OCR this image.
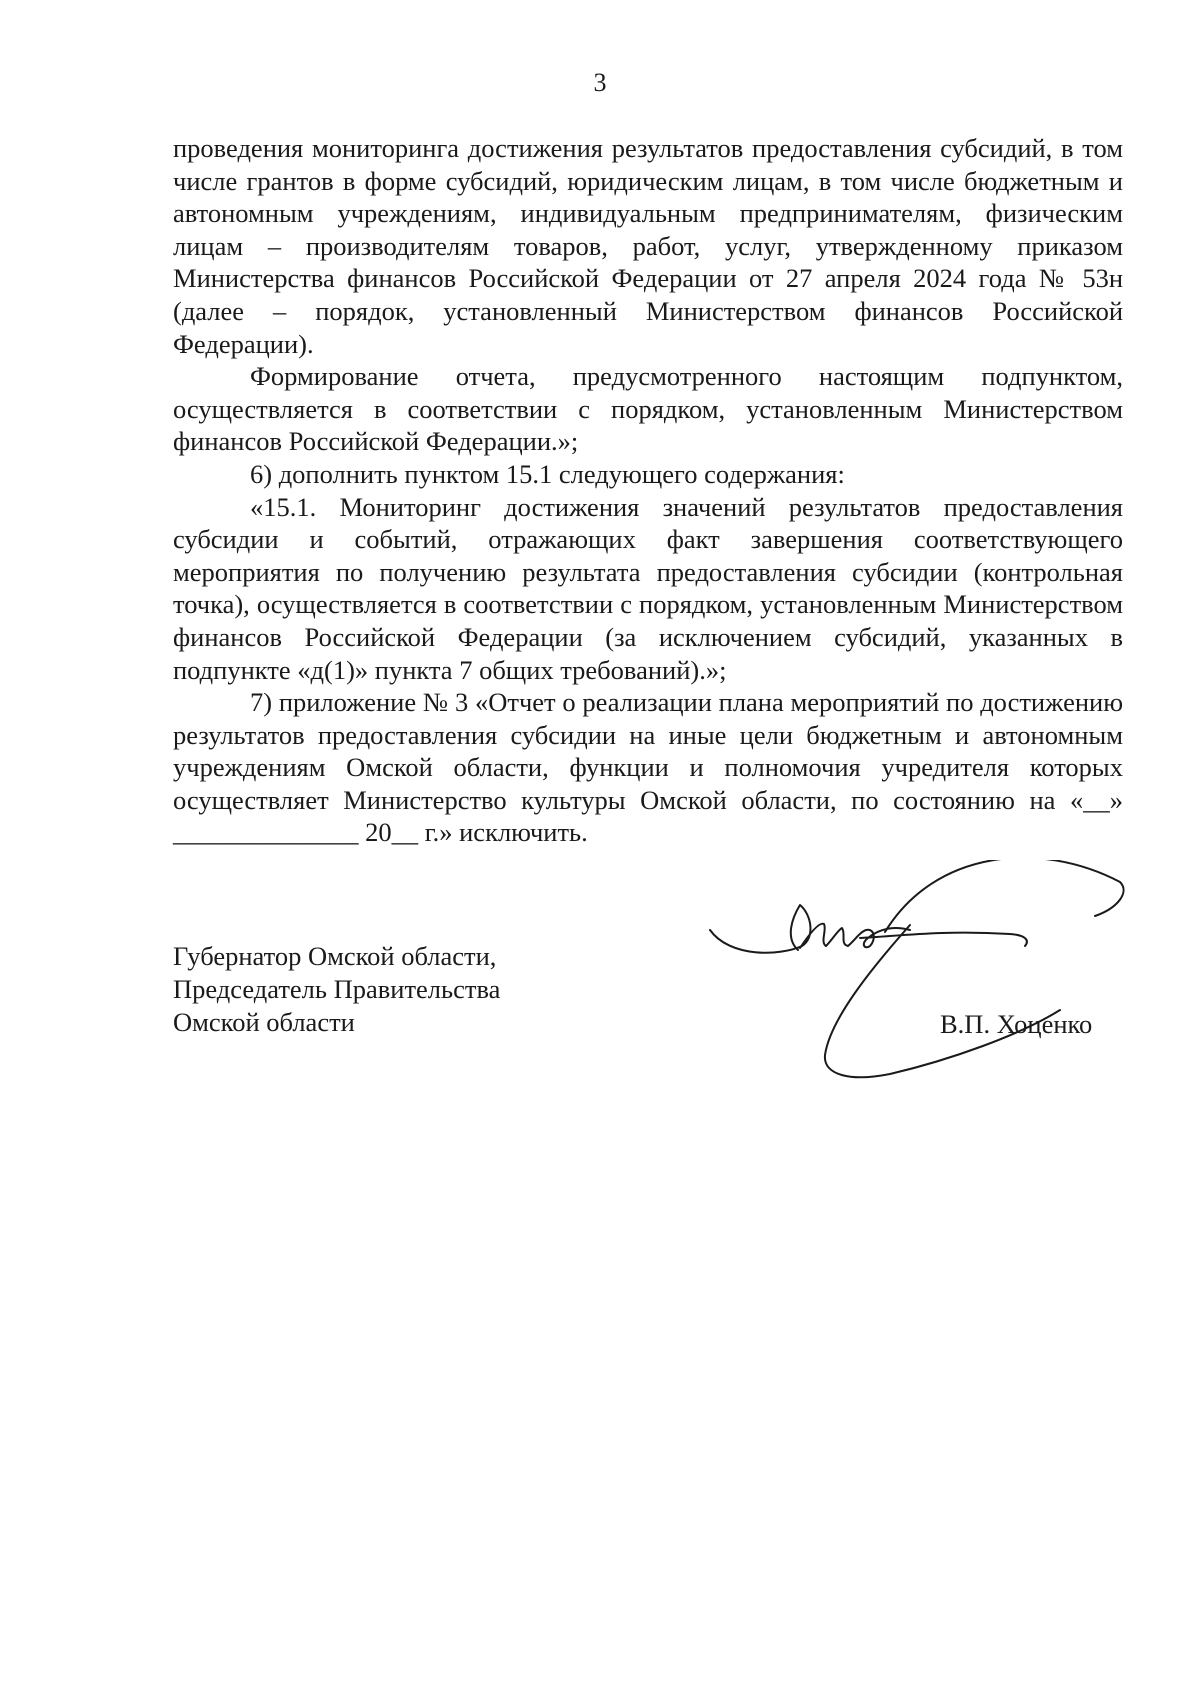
3

проведения мониторинга достижения результатов предоставления субсидий, в том числе грантов в форме субсидий, юридическим лицам, в том числе бюджетным и автономным учреждениям, индивидуальным предпринимателям, физическим лицам – производителям товаров, работ, услуг, утвержденному приказом Министерства финансов Российской Федерации от 27 апреля 2024 года № 53н (далее – порядок, установленный Министерством финансов Российской Федерации).

Формирование отчета, предусмотренного настоящим подпунктом, осуществляется в соответствии с порядком, установленным Министерством финансов Российской Федерации.»;

6) дополнить пунктом 15.1 следующего содержания:

«15.1. Мониторинг достижения значений результатов предоставления субсидии и событий, отражающих факт завершения соответствующего мероприятия по получению результата предоставления субсидии (контрольная точка), осуществляется в соответствии с порядком, установленным Министерством финансов Российской Федерации (за исключением субсидий, указанных в подпункте «д(1)» пункта 7 общих требований).»;

7) приложение № 3 «Отчет о реализации плана мероприятий по достижению результатов предоставления субсидии на иные цели бюджетным и автономным учреждениям Омской области, функции и полномочия учредителя которых осуществляет Министерство культуры Омской области, по состоянию на «__» ______________ 20__ г.» исключить.

Губернатор Омской области,
Председатель Правительства
Омской области	В.П. Хоценко
